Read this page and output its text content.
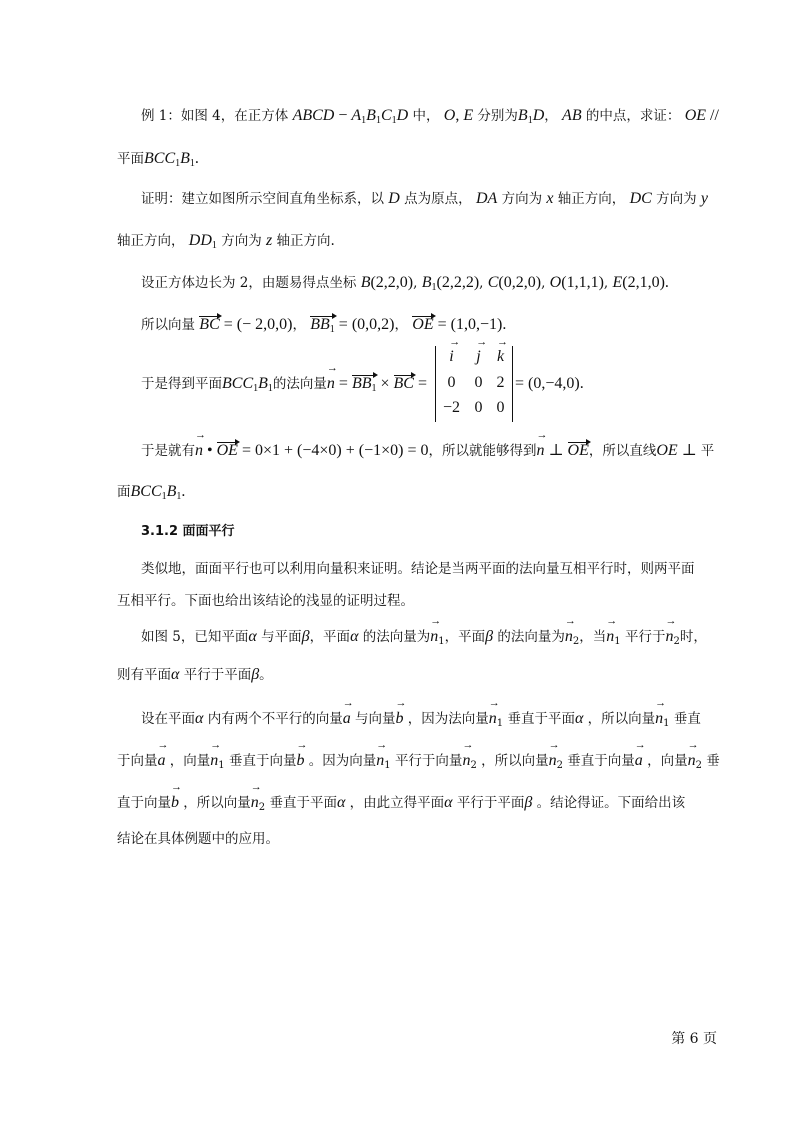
例 1：如图 4，在正方体 ABCD − $A_1B_1C_1D$ 中， O, E 分别为$B_1D$， AB 的中点，求证： OE //
平面$BCC_1B_1$.
证明：建立如图所示空间直角坐标系，以 D 点为原点， DA 方向为 x 轴正方向， DC 方向为 y
轴正方向， $DD_1$ 方向为 z 轴正方向.
设正方体边长为 2，由题易得点坐标 B(2,2,0), $B_1(2,2,2)$, C(0,2,0), O(1,1,1), E(2,1,0).
所以向量 BC = (− 2,0,0)， $BB_1 = (0,0,2)$， OE = (1,0,−1).
于是得到平面$BCC_1B_1$的法向量→ $n = BB_1$ × BC =
→ i	→ j	→ k
0	0 2
−2 0 0
= (0,−4,0).
于是就有→ n • OE = 0×1 + (−4×0) + (−1×0) = 0，所以就能够得到→ n ⊥ OE，所以直线OE ⊥ 平
面$BCC_1B_1$.
3.1.2 面面平行
类似地，面面平行也可以利用向量积来证明。结论是当两平面的法向量互相平行时，则两平面
互相平行。下面也给出该结论的浅显的证明过程。
如图 5，已知平面α 与平面β，平面α 的法向量为→ $n_1$，平面β 的法向量为→ $n_2$，当→ $n_1$ 平行于→ $n_2$时，
则有平面α 平行于平面β。
设在平面α 内有两个不平行的向量→ a 与向量→ b ，因为法向量→ $n_1$ 垂直于平面α ，所以向量→ $n_1$ 垂直
于向量→ a ，向量→ $n_1$ 垂直于向量→ b 。因为向量→ $n_1$ 平行于向量→ $n_2$ ，所以向量→ $n_2$ 垂直于向量→ a ，向量→ $n_2$ 垂
直于向量→ b ，所以向量→ $n_2$ 垂直于平面α ，由此立得平面α 平行于平面β 。结论得证。下面给出该
结论在具体例题中的应用。
第 6 页
